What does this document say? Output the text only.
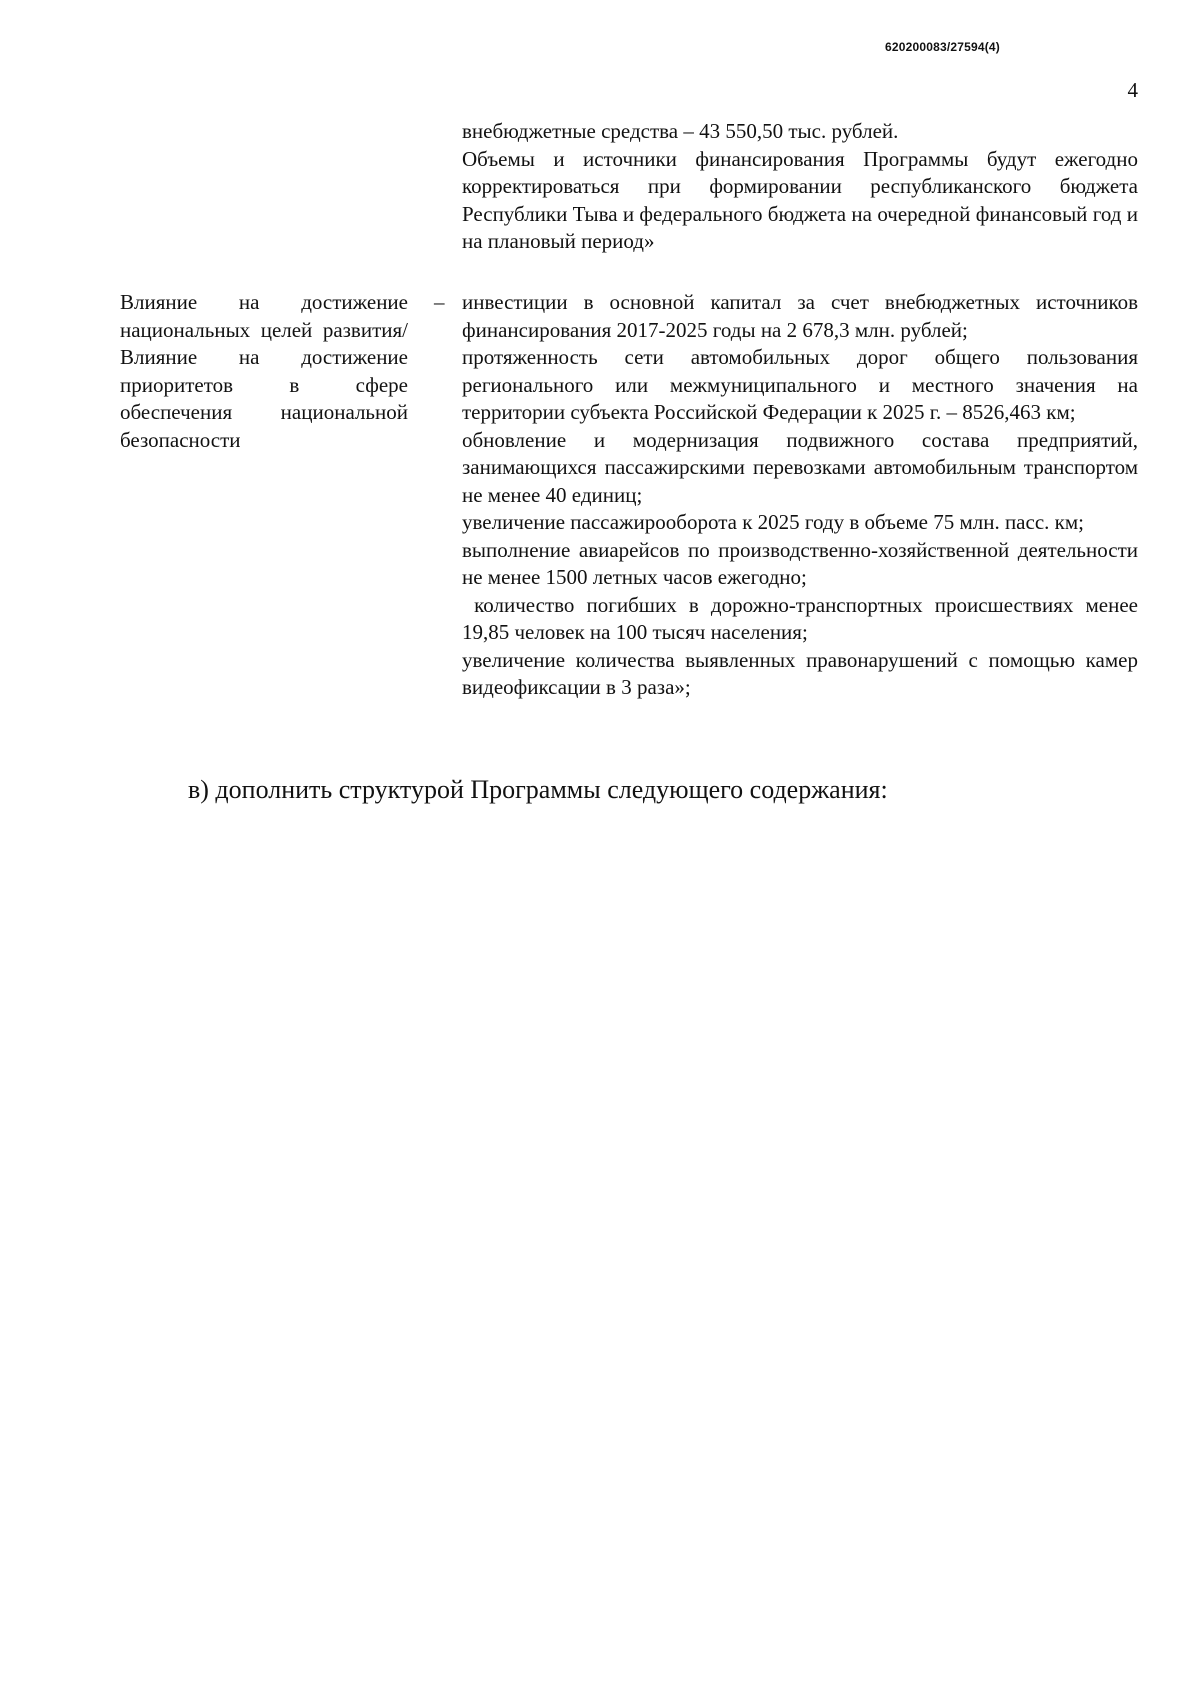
620200083/27594(4)
4

внебюджетные средства – 43 550,50 тыс. рублей.

Объемы и источники финансирования Программы будут ежегодно корректироваться при формировании республиканского бюджета Республики Тыва и федерального бюджета на очередной финансовый год и на плановый период»

Влияние на достижение национальных целей развития/ Влияние на достижение приоритетов в сфере обеспечения национальной безопасности
– инвестиции в основной капитал за счет внебюджетных источников финансирования 2017-2025 годы на 2 678,3 млн. рублей;

протяженность сети автомобильных дорог общего пользования регионального или межмуниципального и местного значения на территории субъекта Российской Федерации к 2025 г. – 8526,463 км;

обновление и модернизация подвижного состава предприятий, занимающихся пассажирскими перевозками автомобильным транспортом не менее 40 единиц;

увеличение пассажирооборота к 2025 году в объеме 75 млн. пасс. км;

выполнение авиарейсов по производственно-хозяйственной деятельности не менее 1500 летных часов ежегодно;

количество погибших в дорожно-транспортных происшествиях менее 19,85 человек на 100 тысяч населения;

увеличение количества выявленных правонарушений с помощью камер видеофиксации в 3 раза»;

в) дополнить структурой Программы следующего содержания:
